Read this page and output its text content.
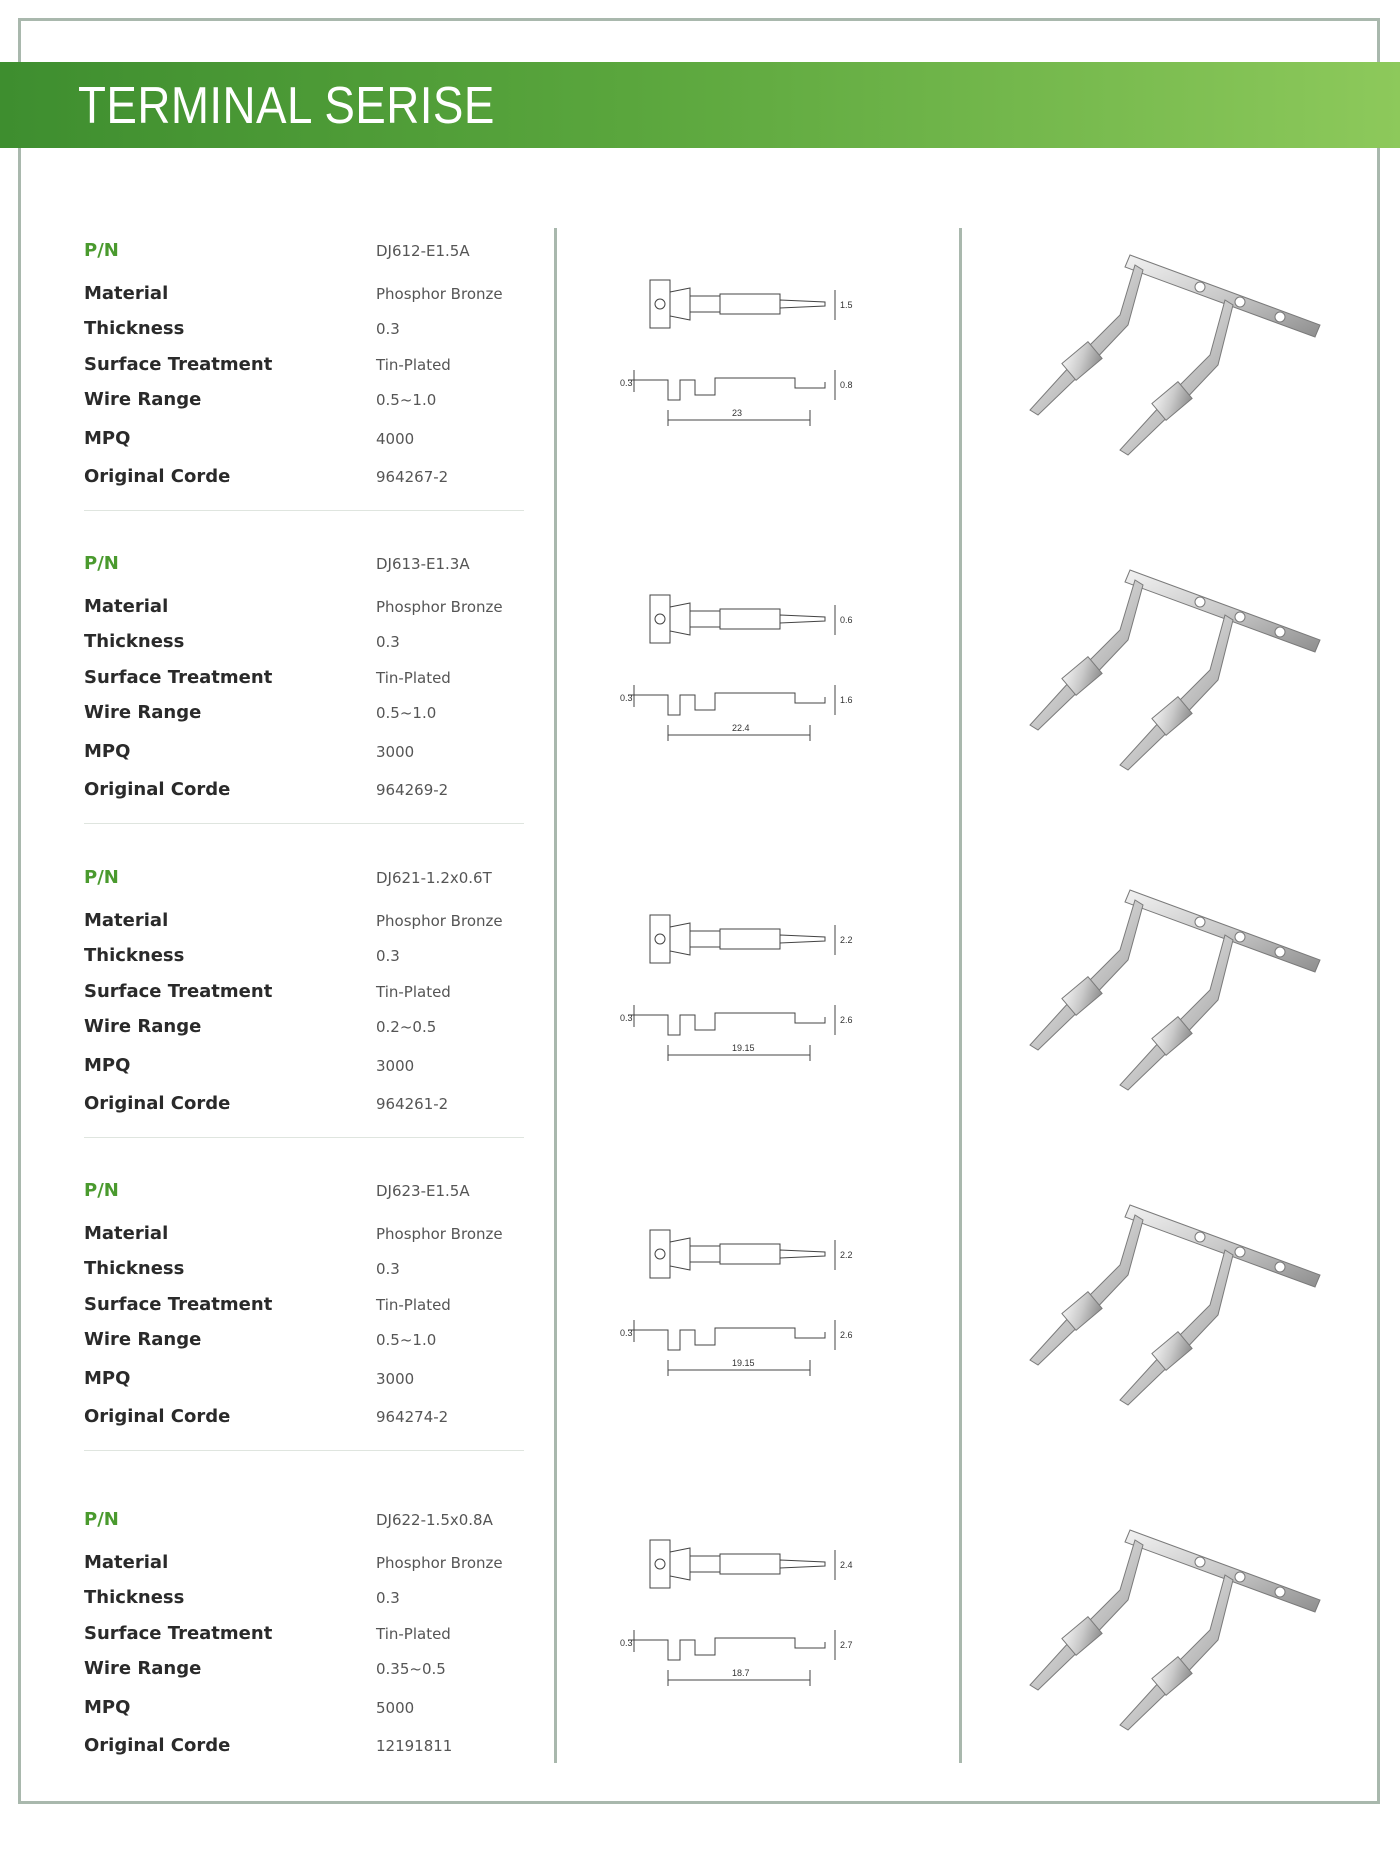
TERMINAL SERISE
P/N	DJ612-E1.5A
Material	Phosphor Bronze
Thickness	0.3
Surface Treatment	Tin-Plated
Wire Range	0.5~1.0
MPQ	4000
Original Corde	964267-2
23
1.5
0.8
0.3
P/N	DJ613-E1.3A
Material	Phosphor Bronze
Thickness	0.3
Surface Treatment	Tin-Plated
Wire Range	0.5~1.0
MPQ	3000
Original Corde	964269-2
22.4
0.6
1.6
0.3
P/N	DJ621-1.2x0.6T
Material	Phosphor Bronze
Thickness	0.3
Surface Treatment	Tin-Plated
Wire Range	0.2~0.5
MPQ	3000
Original Corde	964261-2
19.15
2.2
2.6
0.3
P/N	DJ623-E1.5A
Material	Phosphor Bronze
Thickness	0.3
Surface Treatment	Tin-Plated
Wire Range	0.5~1.0
MPQ	3000
Original Corde	964274-2
19.15
2.2
2.6
0.3
P/N	DJ622-1.5x0.8A
Material	Phosphor Bronze
Thickness	0.3
Surface Treatment	Tin-Plated
Wire Range	0.35~0.5
MPQ	5000
Original Corde	12191811
18.7
2.4
2.7
0.3
